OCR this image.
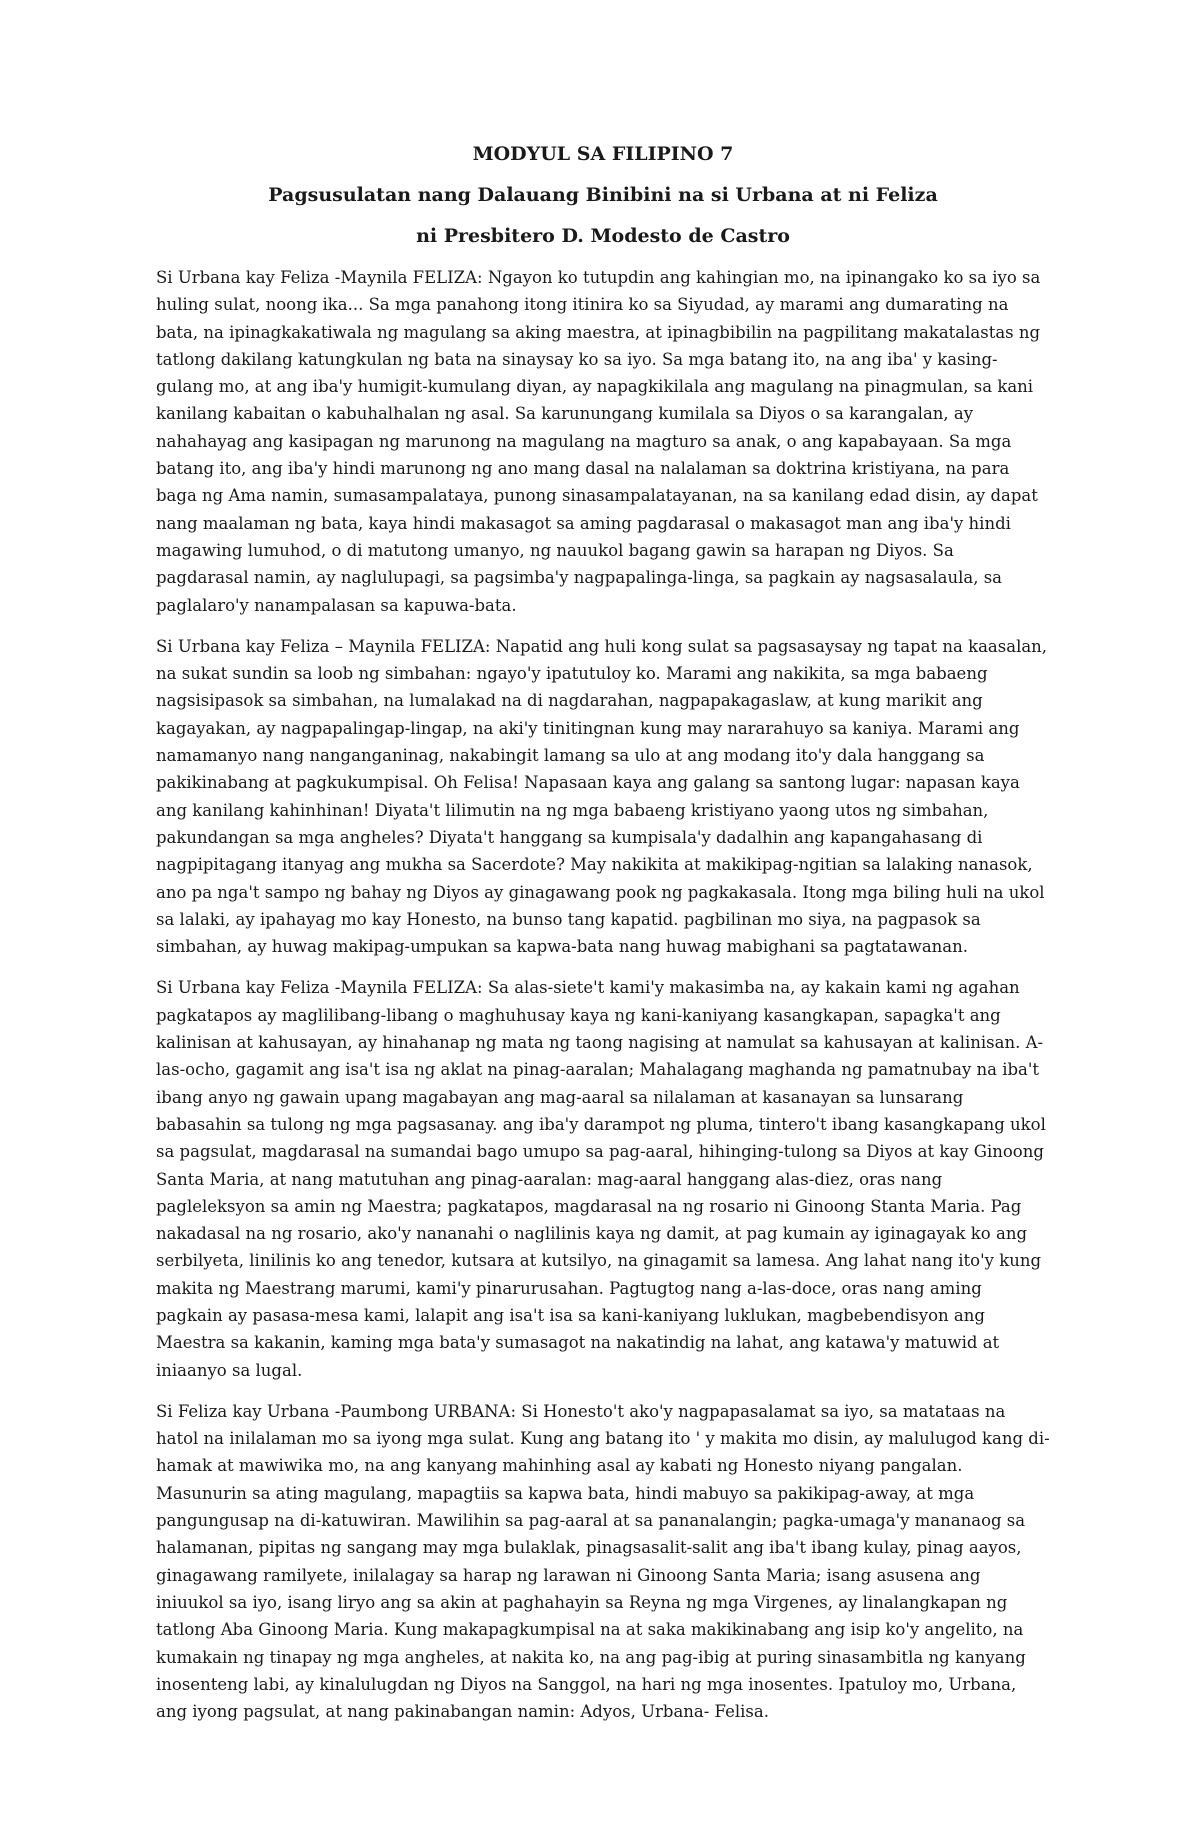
MODYUL SA FILIPINO 7
Pagsusulatan nang Dalauang Binibini na si Urbana at ni Feliza
ni Presbitero D. Modesto de Castro

Si Urbana kay Feliza -Maynila FELIZA: Ngayon ko tutupdin ang kahingian mo, na ipinangako ko sa iyo sa huling sulat, noong ika... Sa mga panahong itong itinira ko sa Siyudad, ay marami ang dumarating na bata, na ipinagkakatiwala ng magulang sa aking maestra, at ipinagbibilin na pagpilitang makatalastas ng tatlong dakilang katungkulan ng bata na sinaysay ko sa iyo. Sa mga batang ito, na ang iba' y kasing-gulang mo, at ang iba'y humigit-kumulang diyan, ay napagkikilala ang magulang na pinagmulan, sa kani kanilang kabaitan o kabuhalhalan ng asal. Sa karunungang kumilala sa Diyos o sa karangalan, ay nahahayag ang kasipagan ng marunong na magulang na magturo sa anak, o ang kapabayaan. Sa mga batang ito, ang iba'y hindi marunong ng ano mang dasal na nalalaman sa doktrina kristiyana, na para baga ng Ama namin, sumasampalataya, punong sinasampalatayanan, na sa kanilang edad disin, ay dapat nang maalaman ng bata, kaya hindi makasagot sa aming pagdarasal o makasagot man ang iba'y hindi magawing lumuhod, o di matutong umanyo, ng nauukol bagang gawin sa harapan ng Diyos. Sa pagdarasal namin, ay naglulupagi, sa pagsimba'y nagpapalinga-linga, sa pagkain ay nagsasalaula, sa paglalaro'y nanampalasan sa kapuwa-bata.

Si Urbana kay Feliza – Maynila FELIZA: Napatid ang huli kong sulat sa pagsasaysay ng tapat na kaasalan, na sukat sundin sa loob ng simbahan: ngayo'y ipatutuloy ko. Marami ang nakikita, sa mga babaeng nagsisipasok sa simbahan, na lumalakad na di nagdarahan, nagpapakagaslaw, at kung marikit ang kagayakan, ay nagpapalingap-lingap, na aki'y tinitingnan kung may nararahuyo sa kaniya. Marami ang namamanyo nang nanganganinag, nakabingit lamang sa ulo at ang modang ito'y dala hanggang sa pakikinabang at pagkukumpisal. Oh Felisa! Napasaan kaya ang galang sa santong lugar: napasan kaya ang kanilang kahinhinan! Diyata't lilimutin na ng mga babaeng kristiyano yaong utos ng simbahan, pakundangan sa mga angheles? Diyata't hanggang sa kumpisala'y dadalhin ang kapangahasang di nagpipitagang itanyag ang mukha sa Sacerdote? May nakikita at makikipag-ngitian sa lalaking nanasok, ano pa nga't sampo ng bahay ng Diyos ay ginagawang pook ng pagkakasala. Itong mga biling huli na ukol sa lalaki, ay ipahayag mo kay Honesto, na bunso tang kapatid. pagbilinan mo siya, na pagpasok sa simbahan, ay huwag makipag-umpukan sa kapwa-bata nang huwag mabighani sa pagtatawanan.

Si Urbana kay Feliza -Maynila FELIZA: Sa alas-siete't kami'y makasimba na, ay kakain kami ng agahan pagkatapos ay maglilibang-libang o maghuhusay kaya ng kani-kaniyang kasangkapan, sapagka't ang kalinisan at kahusayan, ay hinahanap ng mata ng taong nagising at namulat sa kahusayan at kalinisan. A-las-ocho, gagamit ang isa't isa ng aklat na pinag-aaralan; Mahalagang maghanda ng pamatnubay na iba't ibang anyo ng gawain upang magabayan ang mag-aaral sa nilalaman at kasanayan sa lunsarang babasahin sa tulong ng mga pagsasanay. ang iba'y darampot ng pluma, tintero't ibang kasangkapang ukol sa pagsulat, magdarasal na sumandai bago umupo sa pag-aaral, hihinging-tulong sa Diyos at kay Ginoong Santa Maria, at nang matutuhan ang pinag-aaralan: mag-aaral hanggang alas-diez, oras nang pagleleksyon sa amin ng Maestra; pagkatapos, magdarasal na ng rosario ni Ginoong Stanta Maria. Pag nakadasal na ng rosario, ako'y nananahi o naglilinis kaya ng damit, at pag kumain ay iginagayak ko ang serbilyeta, linilinis ko ang tenedor, kutsara at kutsilyo, na ginagamit sa lamesa. Ang lahat nang ito'y kung makita ng Maestrang marumi, kami'y pinarurusahan. Pagtugtog nang a-las-doce, oras nang aming pagkain ay pasasa-mesa kami, lalapit ang isa't isa sa kani-kaniyang luklukan, magbebendisyon ang Maestra sa kakanin, kaming mga bata'y sumasagot na nakatindig na lahat, ang katawa'y matuwid at iniaanyo sa lugal.

Si Feliza kay Urbana -Paumbong URBANA: Si Honesto't ako'y nagpapasalamat sa iyo, sa matataas na hatol na inilalaman mo sa iyong mga sulat. Kung ang batang ito ' y makita mo disin, ay malulugod kang di-hamak at mawiwika mo, na ang kanyang mahinhing asal ay kabati ng Honesto niyang pangalan. Masunurin sa ating magulang, mapagtiis sa kapwa bata, hindi mabuyo sa pakikipag-away, at mga pangungusap na di-katuwiran. Mawilihin sa pag-aaral at sa pananalangin; pagka-umaga'y mananaog sa halamanan, pipitas ng sangang may mga bulaklak, pinagsasalit-salit ang iba't ibang kulay, pinag aayos, ginagawang ramilyete, inilalagay sa harap ng larawan ni Ginoong Santa Maria; isang asusena ang iniuukol sa iyo, isang liryo ang sa akin at paghahayin sa Reyna ng mga Virgenes, ay linalangkapan ng tatlong Aba Ginoong Maria. Kung makapagkumpisal na at saka makikinabang ang isip ko'y angelito, na kumakain ng tinapay ng mga angheles, at nakita ko, na ang pag-ibig at puring sinasambitla ng kanyang inosenteng labi, ay kinalulugdan ng Diyos na Sanggol, na hari ng mga inosentes. Ipatuloy mo, Urbana, ang iyong pagsulat, at nang pakinabangan namin: Adyos, Urbana- Felisa.
